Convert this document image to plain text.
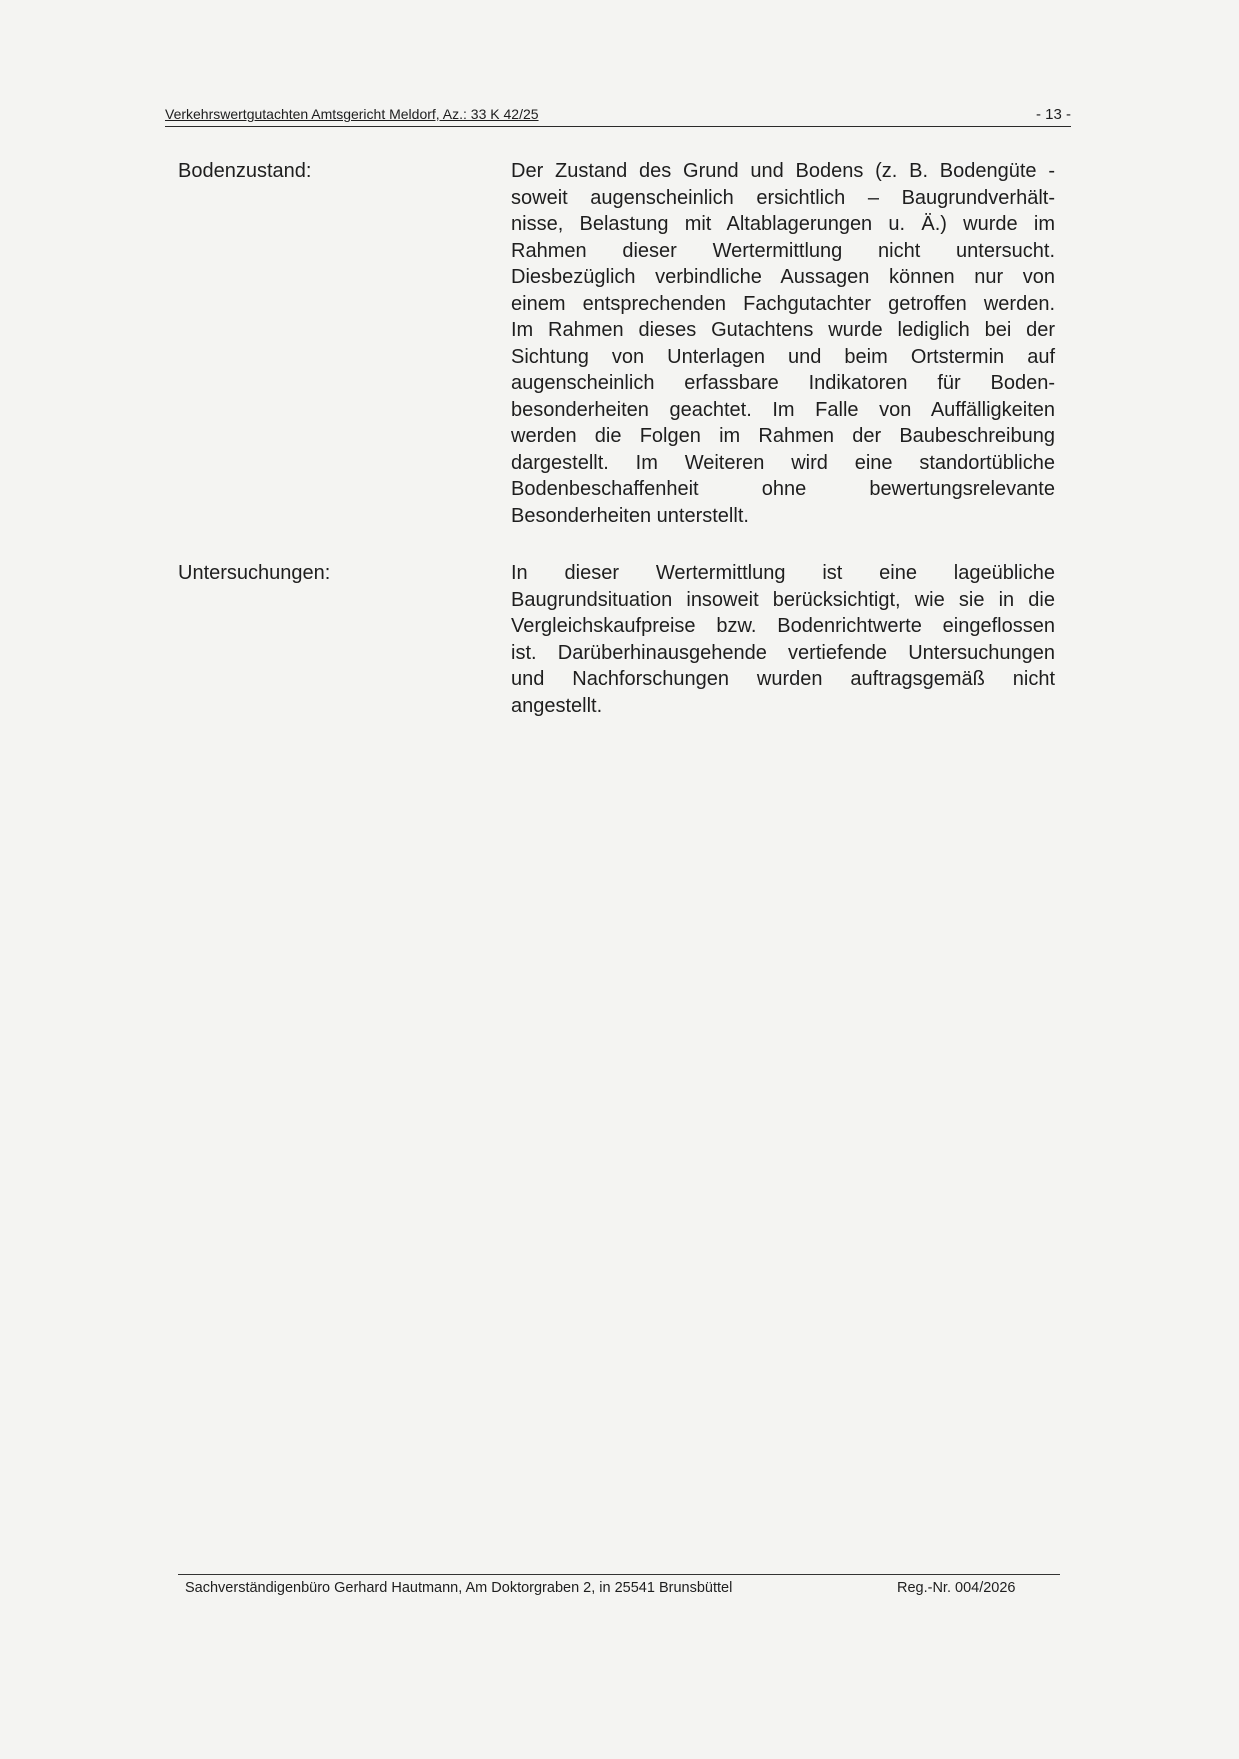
Verkehrswertgutachten Amtsgericht Meldorf, Az.: 33 K 42/25	- 13 -
Bodenzustand:	Der Zustand des Grund und Bodens (z. B. Bodengüte -
soweit augenscheinlich ersichtlich – Baugrundverhält-
nisse, Belastung mit Altablagerungen u. Ä.) wurde im
Rahmen dieser Wertermittlung nicht untersucht.
Diesbezüglich verbindliche Aussagen können nur von
einem entsprechenden Fachgutachter getroffen werden.
Im Rahmen dieses Gutachtens wurde lediglich bei der
Sichtung von Unterlagen und beim Ortstermin auf
augenscheinlich erfassbare Indikatoren für Boden-
besonderheiten geachtet. Im Falle von Auffälligkeiten
werden die Folgen im Rahmen der Baubeschreibung
dargestellt. Im Weiteren wird eine standortübliche
Bodenbeschaffenheit ohne bewertungsrelevante
Besonderheiten unterstellt.
Untersuchungen:	In dieser Wertermittlung ist eine lageübliche
Baugrundsituation insoweit berücksichtigt, wie sie in die
Vergleichskaufpreise bzw. Bodenrichtwerte eingeflossen
ist. Darüberhinausgehende vertiefende Untersuchungen
und Nachforschungen wurden auftragsgemäß nicht
angestellt.
Sachverständigenbüro Gerhard Hautmann, Am Doktorgraben 2, in 25541 Brunsbüttel	Reg.-Nr. 004/2026
